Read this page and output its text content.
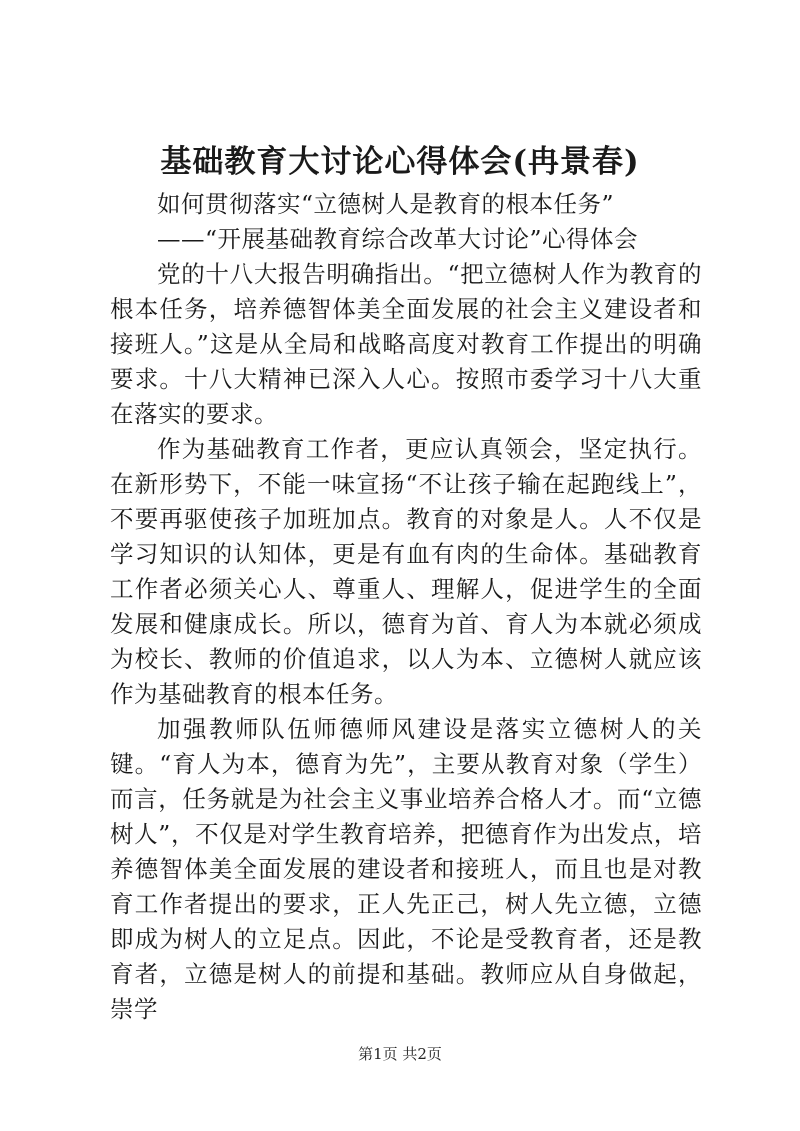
基础教育大讨论心得体会(冉景春)

如何贯彻落实“立德树人是教育的根本任务”

——“开展基础教育综合改革大讨论”心得体会

党的十八大报告明确指出。“把立德树人作为教育的根本任务，培养德智体美全面发展的社会主义建设者和接班人。”这是从全局和战略高度对教育工作提出的明确要求。十八大精神已深入人心。按照市委学习十八大重在落实的要求。

作为基础教育工作者，更应认真领会，坚定执行。在新形势下，不能一味宣扬“不让孩子输在起跑线上”，不要再驱使孩子加班加点。教育的对象是人。人不仅是学习知识的认知体，更是有血有肉的生命体。基础教育工作者必须关心人、尊重人、理解人，促进学生的全面发展和健康成长。所以，德育为首、育人为本就必须成为校长、教师的价值追求，以人为本、立德树人就应该作为基础教育的根本任务。

加强教师队伍师德师风建设是落实立德树人的关键。“育人为本，德育为先”，主要从教育对象（学生）而言，任务就是为社会主义事业培养合格人才。而“立德树人”，不仅是对学生教育培养，把德育作为出发点，培养德智体美全面发展的建设者和接班人，而且也是对教育工作者提出的要求，正人先正己，树人先立德，立德即成为树人的立足点。因此，不论是受教育者，还是教育者，立德是树人的前提和基础。教师应从自身做起，崇学

第1页 共2页
